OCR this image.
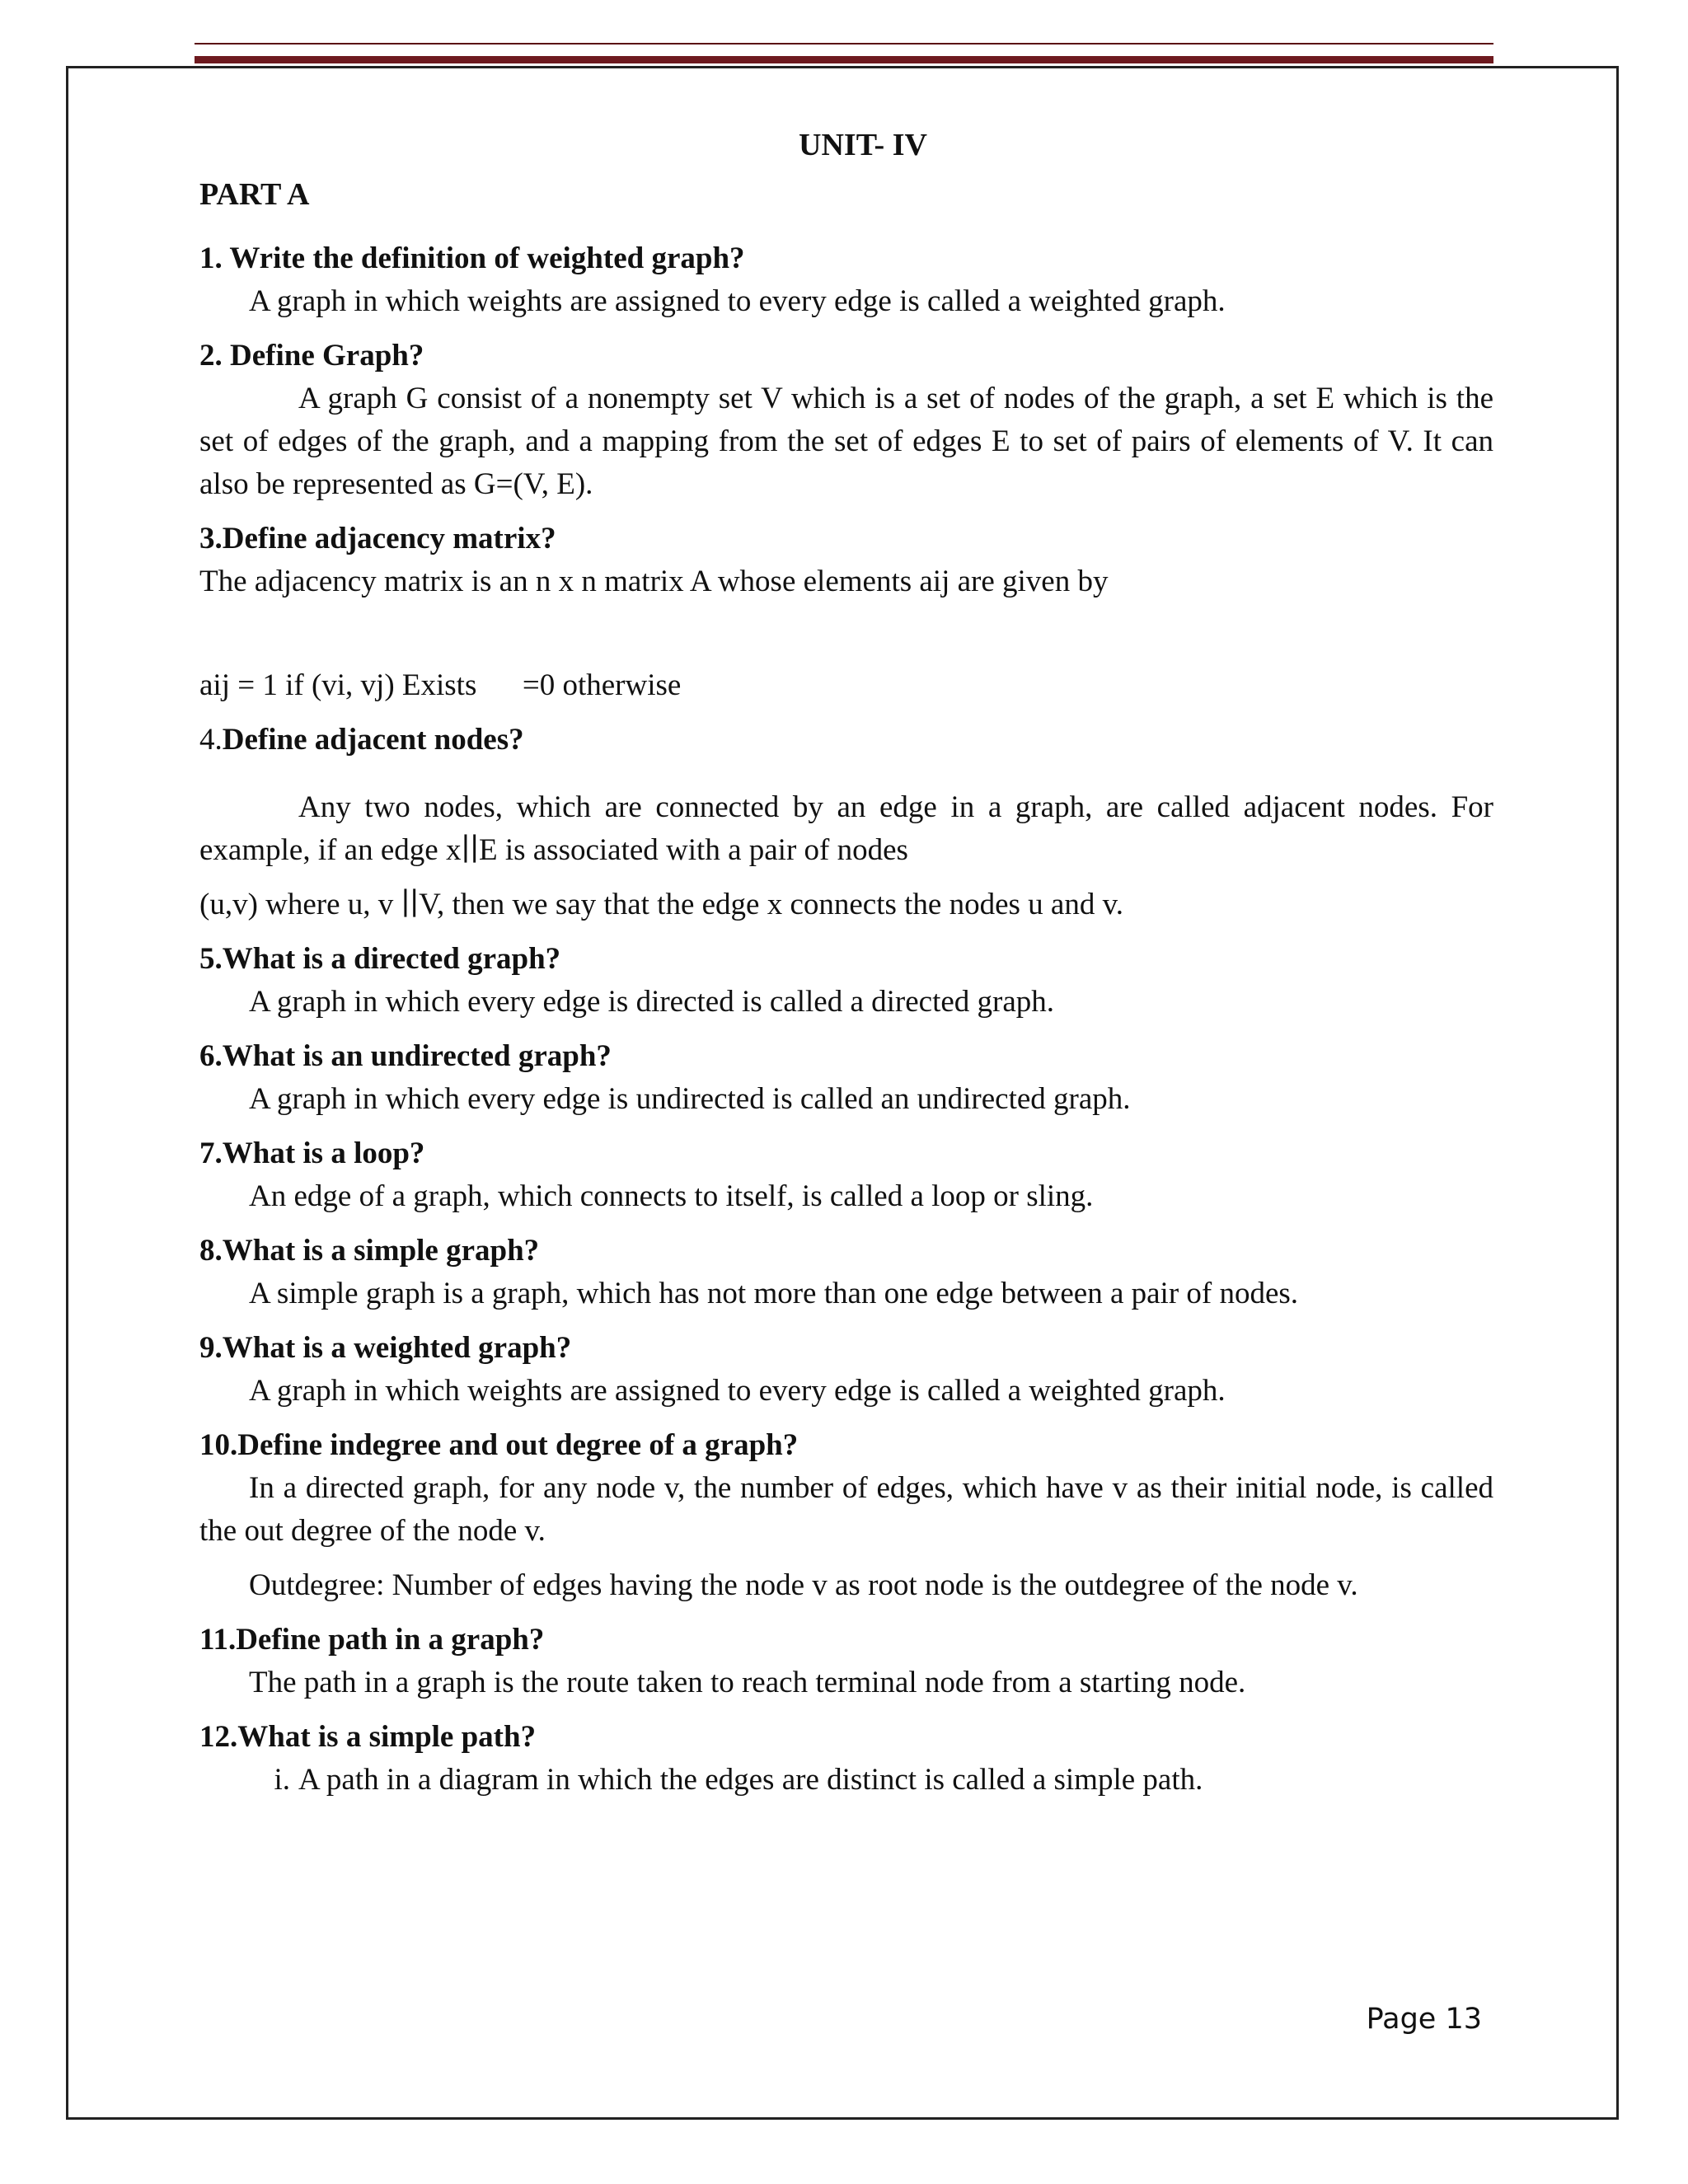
UNIT- IV
PART A
1. Write the definition of weighted graph?
A graph in which weights are assigned to every edge is called a weighted graph.
2. Define Graph?
A graph G consist of a nonempty set V which is a set of nodes of the graph, a set E which is the set of edges of the graph, and a mapping from the set of edges E to set of pairs of elements of V. It can also be represented as G=(V, E).
3.Define adjacency matrix?
The adjacency matrix is an n x n matrix A whose elements aij are given by
aij = 1 if (vi, vj) Exists      =0 otherwise
4.Define adjacent nodes?
Any two nodes, which are connected by an edge in a graph, are called adjacent nodes. For example, if an edge x∣∣E is associated with a pair of nodes
(u,v) where u, v ∣∣V, then we say that the edge x connects the nodes u and v.
5.What is a directed graph?
A graph in which every edge is directed is called a directed graph.
6.What is an undirected graph?
A graph in which every edge is undirected is called an undirected graph.
7.What is a loop?
An edge of a graph, which connects to itself, is called a loop or sling.
8.What is a simple graph?
A simple graph is a graph, which has not more than one edge between a pair of nodes.
9.What is a weighted graph?
A graph in which weights are assigned to every edge is called a weighted graph.
10.Define indegree and out degree of a graph?
In a directed graph, for any node v, the number of edges, which have v as their initial node, is called the out degree of the node v.
Outdegree: Number of edges having the node v as root node is the outdegree of the node v.
11.Define path in a graph?
The path in a graph is the route taken to reach terminal node from a starting node.
12.What is a simple path?
i. A path in a diagram in which the edges are distinct is called a simple path.
Page 13
